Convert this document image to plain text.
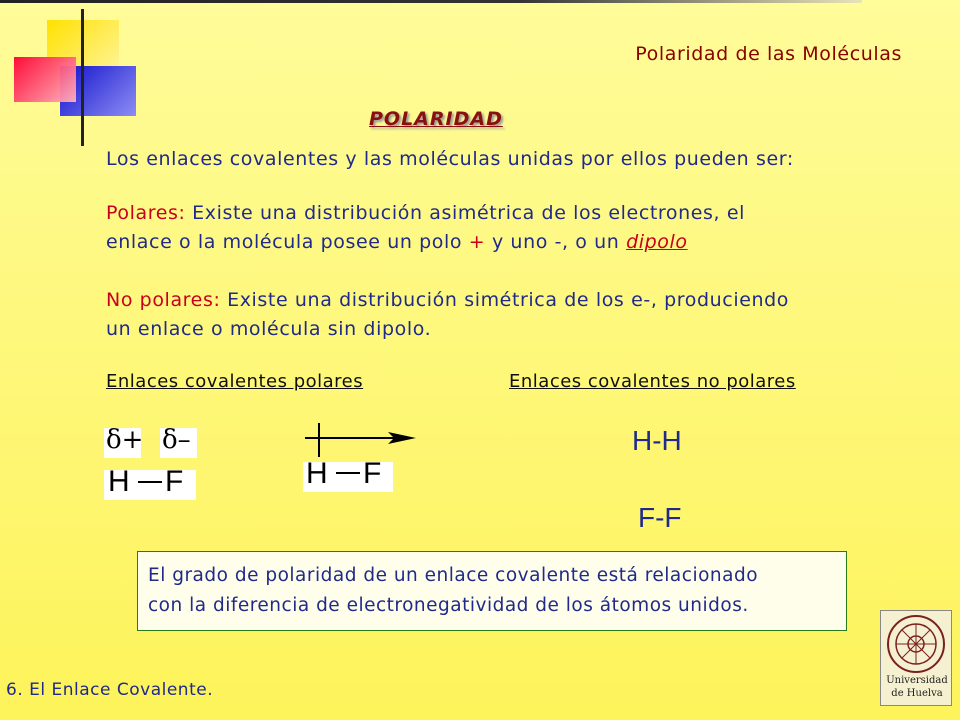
Polaridad de las Moléculas
POLARIDAD
Los enlaces covalentes y las moléculas unidas por ellos pueden ser:
Polares: Existe una distribución asimétrica de los electrones, el
enlace o la molécula posee un polo + y uno -, o un dipolo
No polares: Existe una distribución simétrica de los e-, produciendo
un enlace o molécula sin dipolo.
Enlaces covalentes polares	Enlaces covalentes no polares
δ+ δ–
H F	H F
H-H
F-F
El grado de polaridad de un enlace covalente está relacionado
con la diferencia de electronegatividad de los átomos unidos.
6. El Enlace Covalente.	Universidad
de Huelva
